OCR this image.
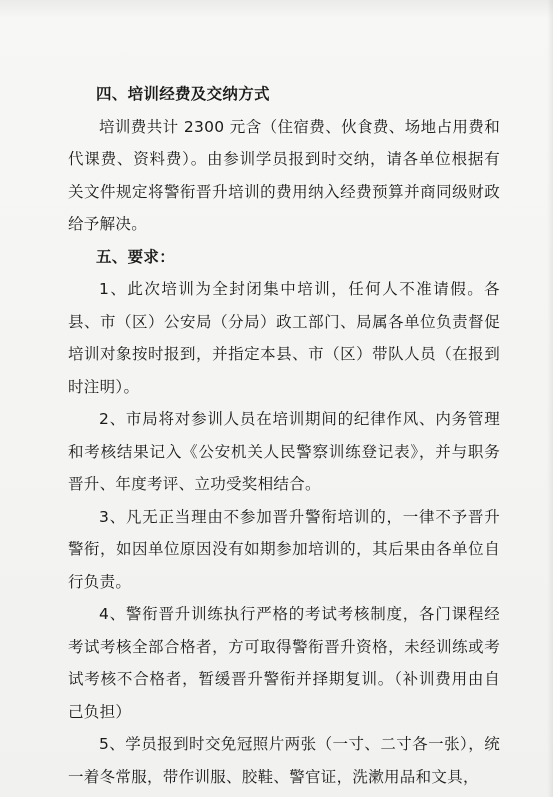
四、培训经费及交纳方式

培训费共计 2300 元含（住宿费、伙食费、场地占用费和代课费、资料费）。由参训学员报到时交纳，请各单位根据有关文件规定将警衔晋升培训的费用纳入经费预算并商同级财政给予解决。

五、要求：

1、此次培训为全封闭集中培训，任何人不准请假。各县、市（区）公安局（分局）政工部门、局属各单位负责督促培训对象按时报到，并指定本县、市（区）带队人员（在报到时注明）。

2、市局将对参训人员在培训期间的纪律作风、内务管理和考核结果记入《公安机关人民警察训练登记表》，并与职务晋升、年度考评、立功受奖相结合。

3、凡无正当理由不参加晋升警衔培训的，一律不予晋升警衔，如因单位原因没有如期参加培训的，其后果由各单位自行负责。

4、警衔晋升训练执行严格的考试考核制度，各门课程经考试考核全部合格者，方可取得警衔晋升资格，未经训练或考试考核不合格者，暂缓晋升警衔并择期复训。（补训费用由自己负担）

5、学员报到时交免冠照片两张（一寸、二寸各一张），统一着冬常服，带作训服、胶鞋、警官证，洗漱用品和文具，
